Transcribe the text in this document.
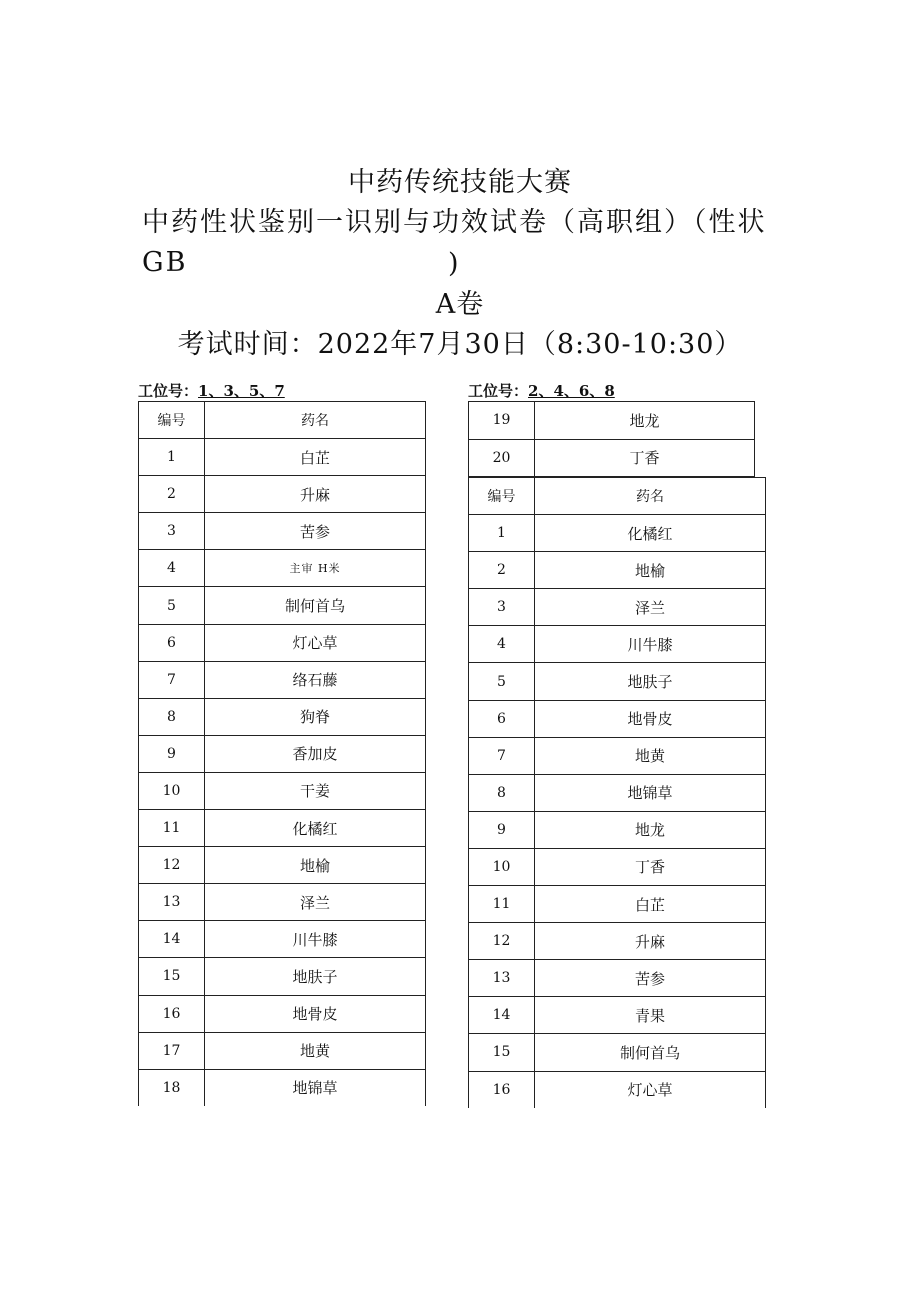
中药传统技能大赛
中药性状鉴别一识别与功效试卷（高职组）（性状GB	)
A卷
考试时间：2022年7月30日（8:30-10:30）
工位号：1、3、5、7	工位号：2、4、6、8
编号	药名
1	白芷
2	升麻
3	苦参
4	主审 H米
5	制何首乌
6	灯心草
7	络石藤
8	狗脊
9	香加皮
10	干姜
11	化橘红
12	地榆
13	泽兰
14	川牛膝
15	地肤子
16	地骨皮
17	地黄
18	地锦草
19	地龙
20	丁香
编号	药名
1	化橘红
2	地榆
3	泽兰
4	川牛膝
5	地肤子
6	地骨皮
7	地黄
8	地锦草
9	地龙
10	丁香
11	白芷
12	升麻
13	苦参
14	青果
15	制何首乌
16	灯心草
